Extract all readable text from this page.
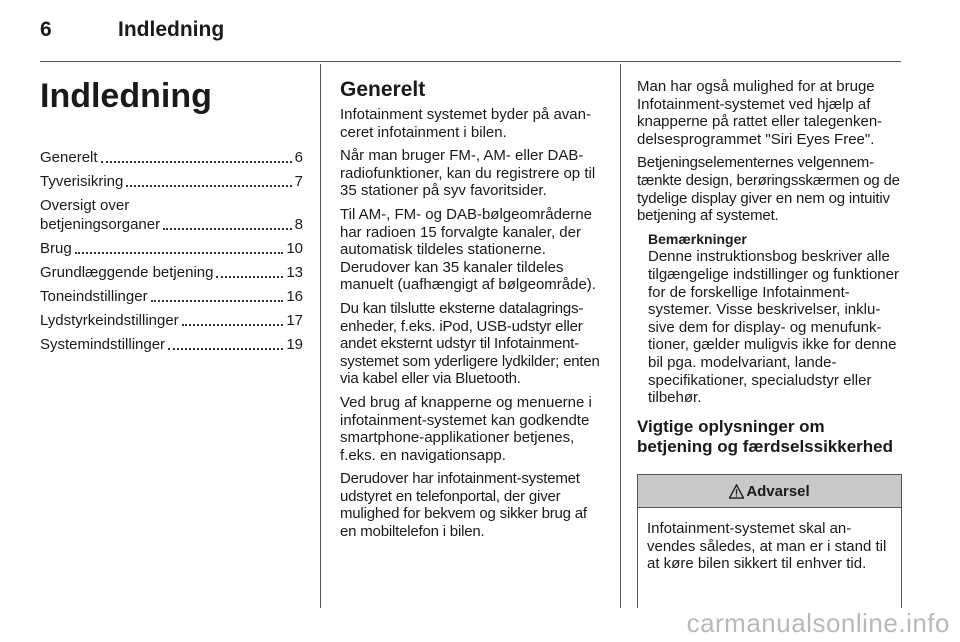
6	Indledning
Indledning
Generelt	6
Tyverisikring	7
Oversigt over
betjeningsorganer	8
Brug	10
Grundlæggende betjening	13
Toneindstillinger	16
Lydstyrkeindstillinger	17
Systemindstillinger	19
Generelt

Infotainment systemet byder på avanceret infotainment i bilen.

Når man bruger FM-, AM- eller DAB-radiofunktioner, kan du registrere op til 35 stationer på syv favoritsider.

Til AM-, FM- og DAB-bølgeområderne har radioen 15 forvalgte kanaler, der automatisk tildeles stationerne. Derudover kan 35 kanaler tildeles manuelt (uafhængigt af bølgeområde).

Du kan tilslutte eksterne datalagringsenheder, f.eks. iPod, USB-udstyr eller andet eksternt udstyr til Infotainment-systemet som yderligere lydkilder; enten via kabel eller via Bluetooth.

Ved brug af knapperne og menuerne i infotainment-systemet kan godkendte smartphone-applikationer betjenes, f.eks. en navigationsapp.

Derudover har infotainment-systemet udstyret en telefonportal, der giver mulighed for bekvem og sikker brug af en mobiltelefon i bilen.

Man har også mulighed for at bruge Infotainment-systemet ved hjælp af knapperne på rattet eller talegenkendelsesprogrammet "Siri Eyes Free".

Betjeningselementernes velgennemtænkte design, berøringsskærmen og de tydelige display giver en nem og intuitiv betjening af systemet.

Bemærkninger

Denne instruktionsbog beskriver alle tilgængelige indstillinger og funktioner for de forskellige Infotainment-systemer. Visse beskrivelser, inklusive dem for display- og menufunktioner, gælder muligvis ikke for denne bil pga. modelvariant, landespecifikationer, specialudstyr eller tilbehør.

Vigtige oplysninger om betjening og færdselssikkerhed
Advarsel
Infotainment-systemet skal anvendes således, at man er i stand til at køre bilen sikkert til enhver tid.
carmanualsonline.info
